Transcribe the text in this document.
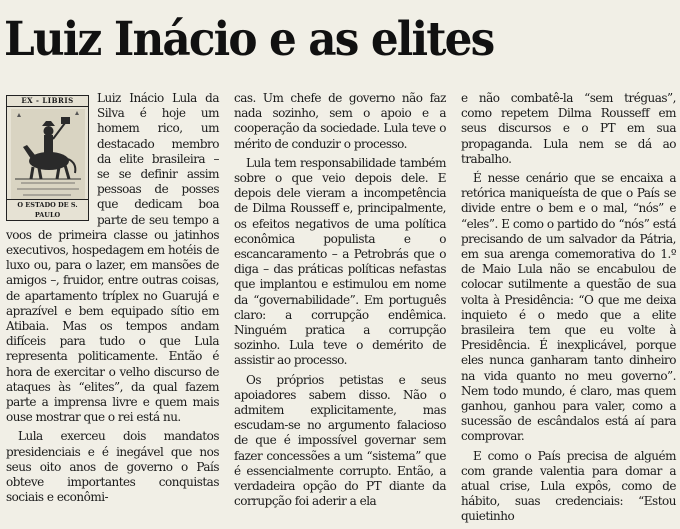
Luiz Inácio e as elites
EX - LIBRIS
O ESTADO DE S. PAULO

Luiz Inácio Lula da Silva é hoje um homem rico, um destacado membro da elite brasileira – se se definir assim pessoas de posses que dedicam boa parte de seu tempo a voos de primeira classe ou jatinhos executivos, hospedagem em hotéis de luxo ou, para o lazer, em mansões de amigos –, fruidor, entre outras coisas, de apartamento tríplex no Guarujá e aprazível e bem equipado sítio em Atibaia. Mas os tempos andam difíceis para tudo o que Lula representa politicamente. Então é hora de exercitar o velho discurso de ataques às “elites”, da qual fazem parte a imprensa livre e quem mais ouse mostrar que o rei está nu.

Lula exerceu dois mandatos presidenciais e é inegável que nos seus oito anos de governo o País obteve importantes conquistas sociais e econômi-

cas. Um chefe de governo não faz nada sozinho, sem o apoio e a cooperação da sociedade. Lula teve o mérito de conduzir o processo.

Lula tem responsabilidade também sobre o que veio depois dele. E depois dele vieram a incompetência de Dilma Rousseff e, principalmente, os efeitos negativos de uma política econômica populista e o escancaramento – a Petrobrás que o diga – das práticas políticas nefastas que implantou e estimulou em nome da “governabilidade”. Em português claro: a corrupção endêmica. Ninguém pratica a corrupção sozinho. Lula teve o demérito de assistir ao processo.

Os próprios petistas e seus apoiadores sabem disso. Não o admitem explicitamente, mas escudam-se no argumento falacioso de que é impossível governar sem fazer concessões a um “sistema” que é essencialmente corrupto. Então, a verdadeira opção do PT diante da corrupção foi aderir a ela

e não combatê-la “sem tréguas”, como repetem Dilma Rousseff em seus discursos e o PT em sua propaganda. Lula nem se dá ao trabalho.

É nesse cenário que se encaixa a retórica maniqueísta de que o País se divide entre o bem e o mal, “nós” e “eles”. E como o partido do “nós” está precisando de um salvador da Pátria, em sua arenga comemorativa do 1.º de Maio Lula não se encabulou de colocar sutilmente a questão de sua volta à Presidência: “O que me deixa inquieto é o medo que a elite brasileira tem que eu volte à Presidência. É inexplicável, porque eles nunca ganharam tanto dinheiro na vida quanto no meu governo”. Nem todo mundo, é claro, mas quem ganhou, ganhou para valer, como a sucessão de escândalos está aí para comprovar.

E como o País precisa de alguém com grande valentia para domar a atual crise, Lula expôs, como de hábito, suas credenciais: “Estou quietinho
